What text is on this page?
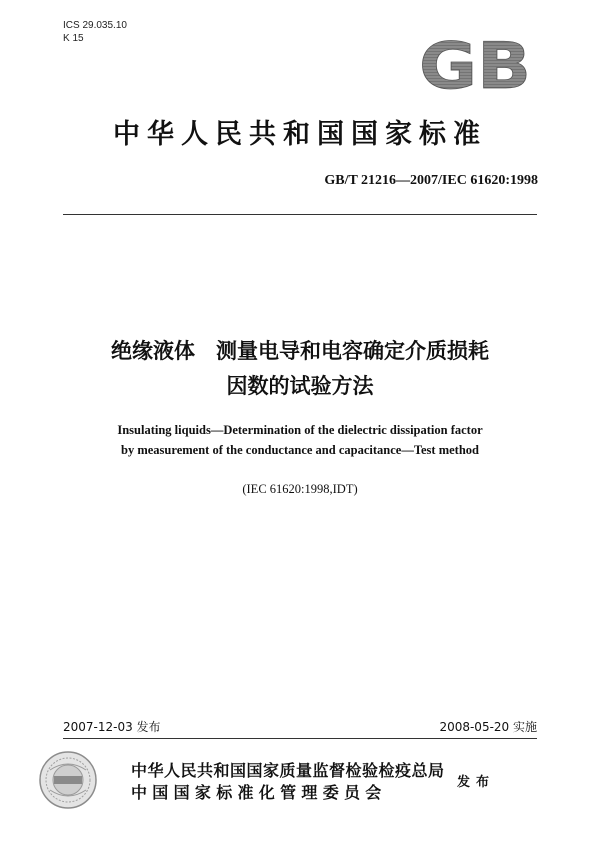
ICS 29.035.10
K 15	GB
中华人民共和国国家标准
GB/T 21216—2007/IEC 61620:1998
绝缘液体　测量电导和电容确定介质损耗
因数的试验方法
Insulating liquids—Determination of the dielectric dissipation factor
by measurement of the conductance and capacitance—Test method
(IEC 61620:1998,IDT)
2007-12-03 发布	2008-05-20 实施
中华人民共和国国家质量监督检验检疫总局
中国国家标准化管理委员会
发布
